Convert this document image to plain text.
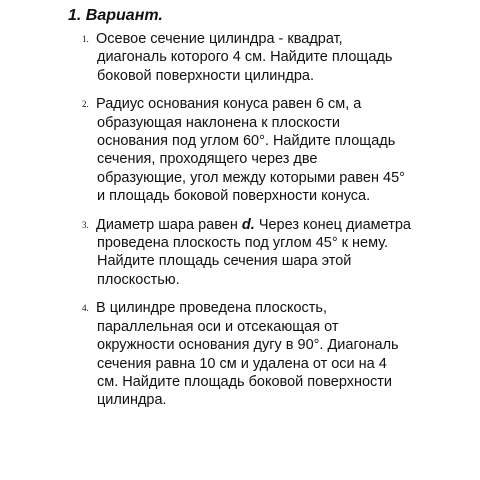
1. Вариант.
1. Осевое сечение цилиндра - квадрат,
диагональ которого 4 см. Найдите площадь
боковой поверхности цилиндра.
2. Радиус основания конуса равен 6 см, а
образующая наклонена к плоскости
основания под углом 60°. Найдите площадь
сечения, проходящего через две
образующие, угол между которыми равен 45°
и площадь боковой поверхности конуса.
3. Диаметр шара равен d. Через конец диаметра
проведена плоскость под углом 45° к нему.
Найдите площадь сечения шара этой
плоскостью.
4. В цилиндре проведена плоскость,
параллельная оси и отсекающая от
окружности основания дугу в 90°. Диагональ
сечения равна 10 см и удалена от оси на 4
см. Найдите площадь боковой поверхности
цилиндра.
